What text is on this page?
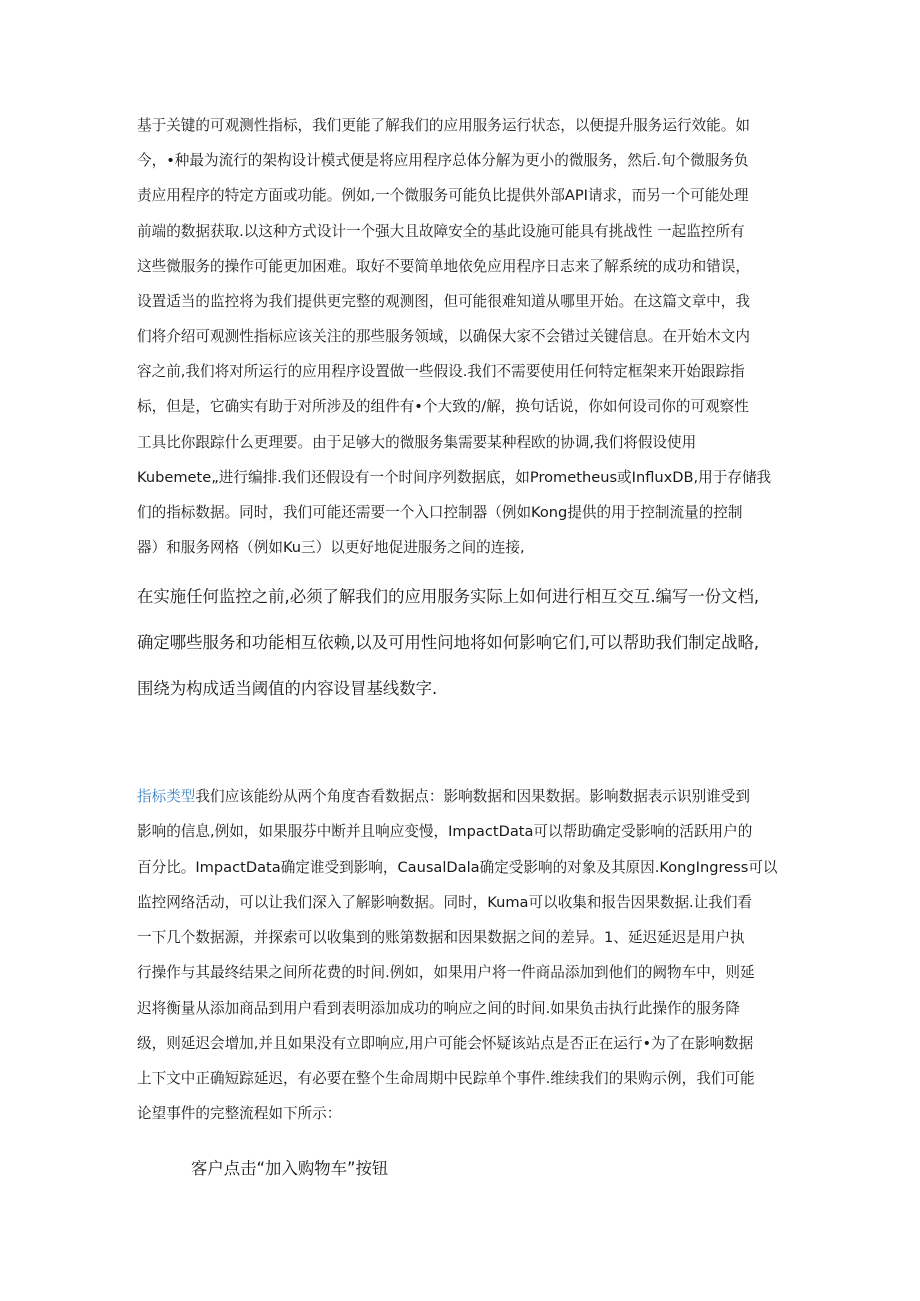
基于关键的可观测性指标，我们更能了解我们的应用服务运行状态，以便提升服务运行效能。如
今，•种最为流行的架构设计模式便是将应用程序总体分解为更小的微服务，然后.旬个微服务负
责应用程序的特定方面或功能。例如,一个微服务可能负比提供外部API请求，而另一个可能处理
前端的数据获取.以这种方式设计一个强大且故障安全的基此设施可能具有挑战性 一起监控所有
这些微服务的操作可能更加困难。取好不要简单地依免应用程序日志来了解系统的成功和错误，
设置适当的监控将为我们提供更完整的观测图，但可能很难知道从哪里开始。在这篇文章中，我
们将介绍可观测性指标应该关注的那些服务领域，以确保大家不会错过关键信息。在开始木文内
容之前,我们将对所运行的应用程序设置做一些假设.我们不需要使用任何特定框架来开始跟踪指
标，但是，它确实有助于对所涉及的组件有•个大致的/解，换句话说，你如何设司你的可观察性
工具比你跟踪什么更理要。由于足够大的微服务集需要某种程欧的协调,我们将假设使用
Kubemete„进行编排.我们还假设有一个时间序列数据底，如Prometheus或InfluxDB,用于存储我
们的指标数据。同时，我们可能还需要一个入口控制器（例如Kong提供的用于控制流量的控制
器）和服务网格（例如Ku三）以更好地促进服务之间的连接,
在实施任何监控之前,必须了解我们的应用服务实际上如何进行相互交互.编写一份文档,
确定哪些服务和功能相互依赖,以及可用性问地将如何影响它们,可以帮助我们制定战略,
围绕为构成适当阈值的内容设冒基线数字.
指标类型我们应该能纷从两个角度杳看数据点：影响数据和因果数据。影响数据表示识别谁受到
影响的信息,例如，如果服芬中断并且响应变慢，ImpactData可以帮助确定受影响的活跃用户的
百分比。ImpactData确定谁受到影响，CausalDala确定受影响的对象及其原因.KongIngress可以
监控网络活动，可以让我们深入了解影响数据。同时，Kuma可以收集和报告因果数据.让我们看
一下几个数据源，并探索可以收集到的账第数据和因果数据之间的差异。1、延迟延迟是用户执
行操作与其最终结果之间所花费的时间.例如，如果用户将一件商品添加到他们的阙物车中，则延
迟将衡量从添加商品到用户看到表明添加成功的响应之间的时间.如果负击执行此操作的服务降
级，则延迟会增加,并且如果没有立即响应,用户可能会怀疑该站点是否正在运行•为了在影响数据
上下文中正确短踪延迟，有必要在整个生命周期中民踪单个事件.维续我们的果购示例，我们可能
论望事件的完整流程如下所示：
客户点击“加入购物车”按钮
